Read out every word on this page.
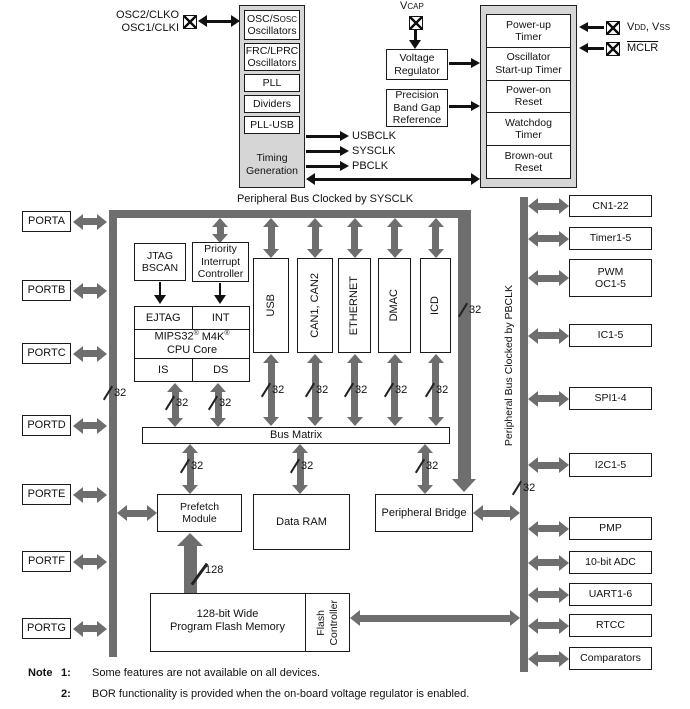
OSC2/CLKO
OSC1/CLKI
OSC/SOSC
Oscillators
FRC/LPRC
Oscillators
PLL
Dividers
PLL-USB
Timing
Generation
USBCLK
SYSCLK
PBCLK
VCAP
Voltage
Regulator
Precision
Band Gap
Reference
Power-up
Timer
Oscillator
Start-up Timer
Power-on
Reset
Watchdog
Timer
Brown-out
Reset
VDD, VSS
MCLR
Peripheral Bus Clocked by SYSCLK
PORTA
PORTB
PORTC
PORTD
PORTE
PORTF
PORTG
32
JTAG
BSCAN
Priority
Interrupt
Controller
EJTAG	INT
MIPS32® M4K®
CPU Core
IS	DS
32	32
USB	CAN1, CAN2	ETHERNET	DMAC	ICD
32	32	32	32	32
32
Bus Matrix
32	32	32
Prefetch
Module	Data RAM
Peripheral Bridge
32
128
128-bit Wide
Program Flash Memory	Flash Controller
Peripheral Bus Clocked by PBCLK
CN1-22
Timer1-5
PWM
OC1-5
IC1-5
SPI1-4
I2C1-5
PMP
10-bit ADC
UART1-6
RTCC
Comparators
Note 1: Some features are not available on all devices.
2: BOR functionality is provided when the on-board voltage regulator is enabled.
